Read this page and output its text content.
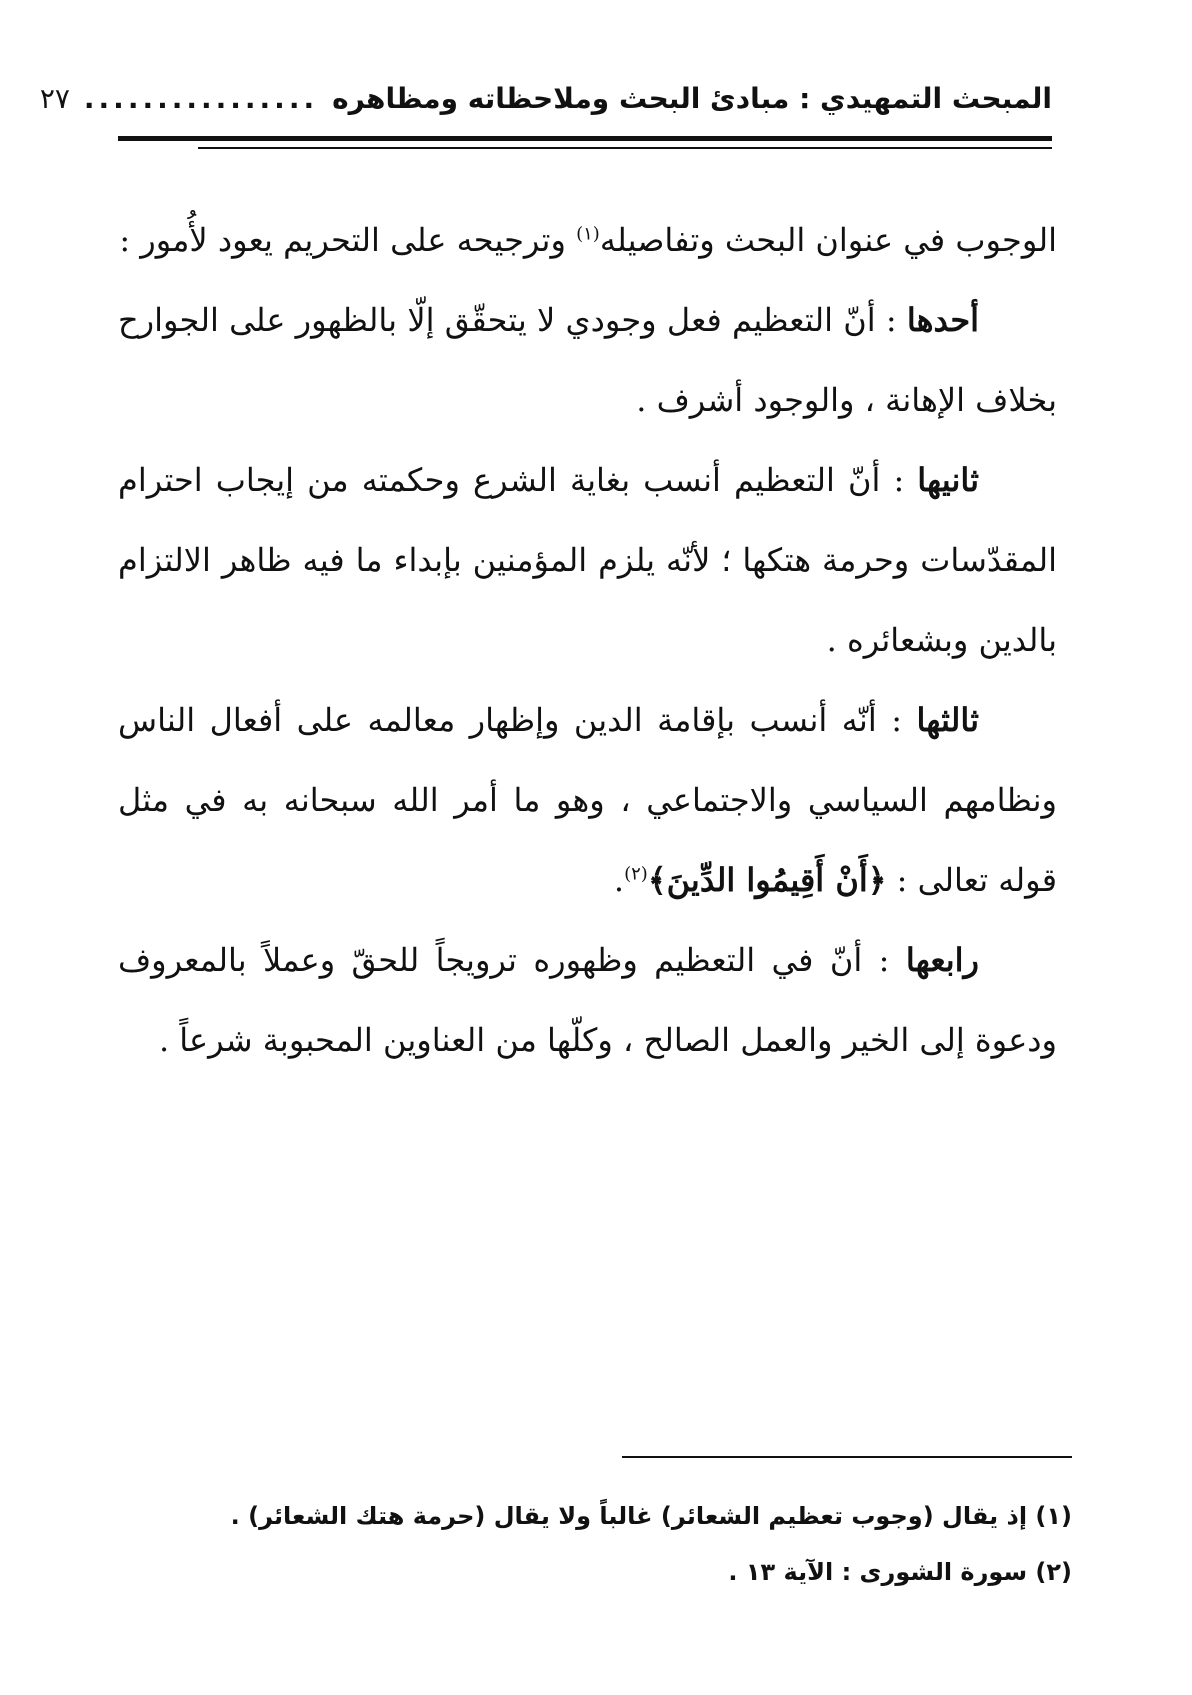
المبحث التمهيدي : مبادئ البحث وملاحظاته ومظاهره
................
٢٧

الوجوب في عنوان البحث وتفاصيله$^{(١)}$ وترجيحه على التحريم يعود لأُمور :

أحدها : أنّ التعظيم فعل وجودي لا يتحقّق إلّا بالظهور على الجوارح بخلاف الإهانة ، والوجود أشرف .

ثانيها : أنّ التعظيم أنسب بغاية الشرع وحكمته من إيجاب احترام المقدّسات وحرمة هتكها ؛ لأنّه يلزم المؤمنين بإبداء ما فيه ظاهر الالتزام بالدين وبشعائره .

ثالثها : أنّه أنسب بإقامة الدين وإظهار معالمه على أفعال الناس ونظامهم السياسي والاجتماعي ، وهو ما أمر الله سبحانه به في مثل قوله تعالى : ﴿أَنْ أَقِيمُوا الدِّينَ﴾$^{(٢)}$.

رابعها : أنّ في التعظيم وظهوره ترويجاً للحقّ وعملاً بالمعروف ودعوة إلى الخير والعمل الصالح ، وكلّها من العناوين المحبوبة شرعاً .

(١) إذ يقال (وجوب تعظيم الشعائر) غالباً ولا يقال (حرمة هتك الشعائر) .

(٢) سورة الشورى : الآية ١٣ .
